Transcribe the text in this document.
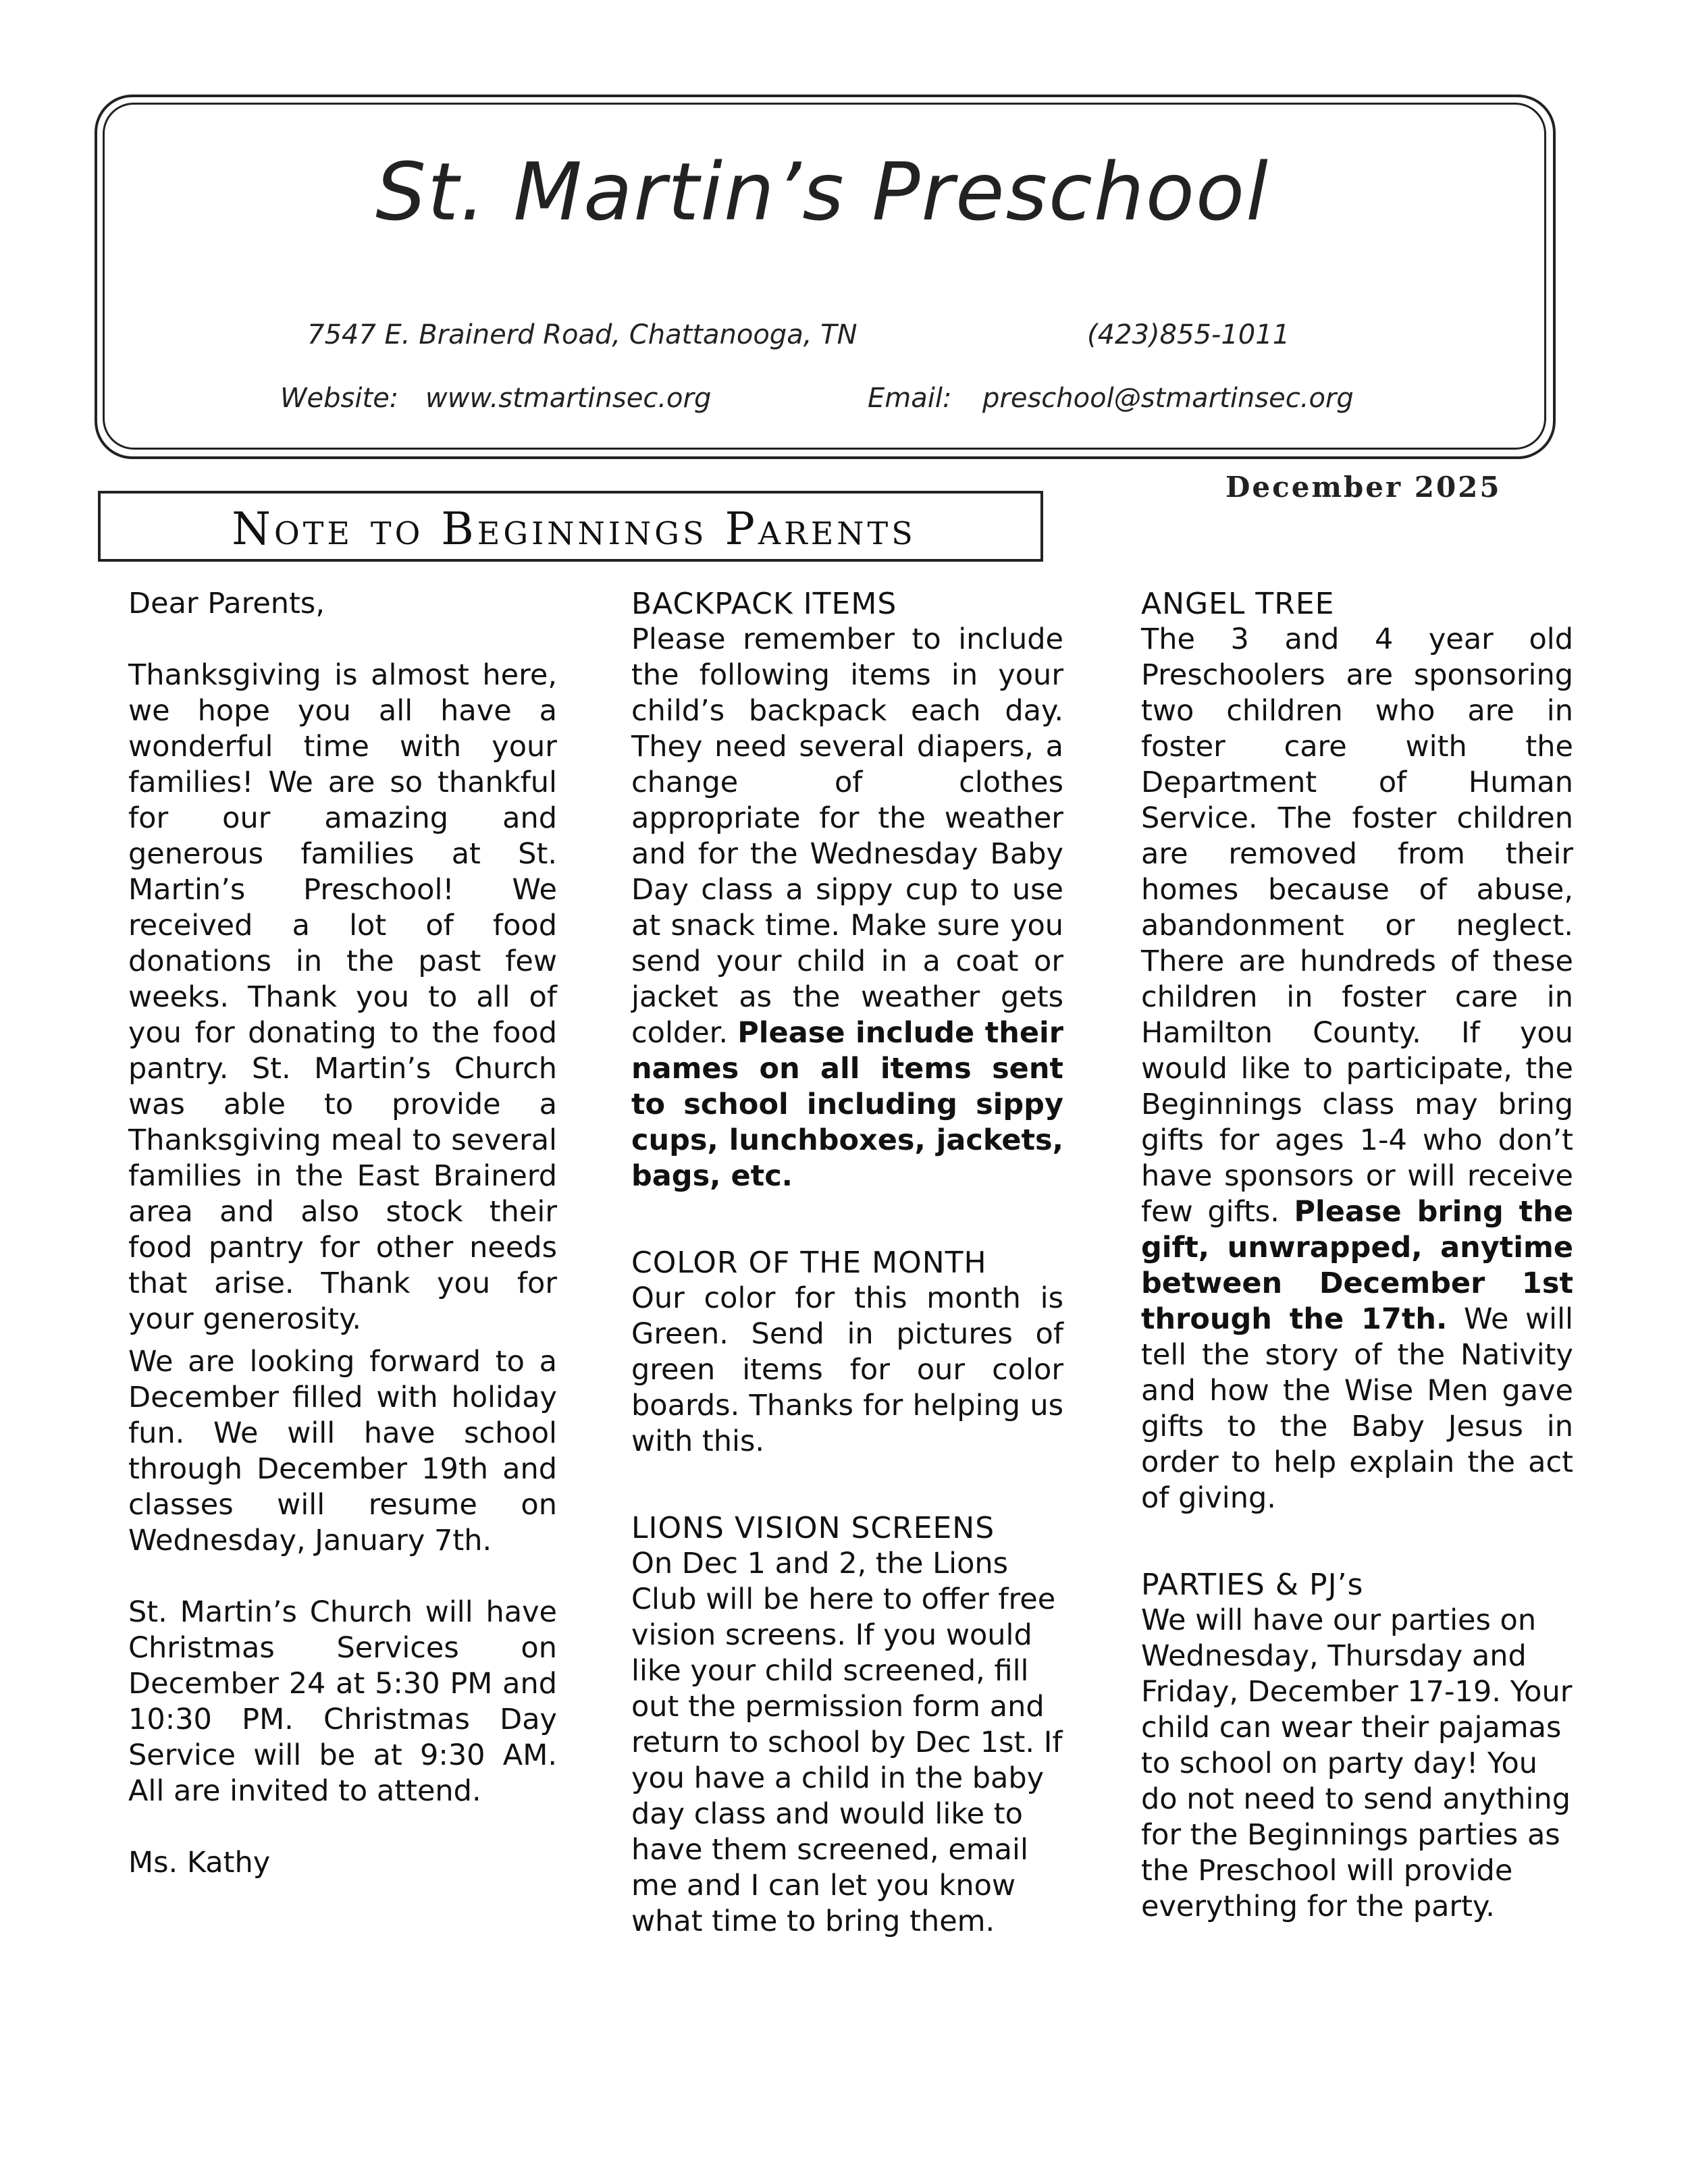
St. Martin’s Preschool
7547 E. Brainerd Road, Chattanooga, TN	(423)855-1011
Website: www.stmartinsec.org	Email: preschool@stmartinsec.org
December 2025
Note to Beginnings Parents

Dear Parents,

Thanksgiving is almost here, we hope you all have a wonderful time with your families! We are so thankful for our amazing and generous families at St. Martin’s Preschool! We received a lot of food donations in the past few weeks. Thank you to all of you for donating to the food pantry. St. Martin’s Church was able to provide a Thanksgiving meal to several families in the East Brainerd area and also stock their food pantry for other needs that arise. Thank you for your generosity.

We are looking forward to a December filled with holiday fun. We will have school through December 19th and classes will resume on Wednesday, January 7th.

St. Martin’s Church will have Christmas Services on December 24 at 5:30 PM and 10:30 PM. Christmas Day Service will be at 9:30 AM. All are invited to attend.

Ms. Kathy

BACKPACK ITEMS

Please remember to include the following items in your child’s backpack each day. They need several diapers, a change of clothes appropriate for the weather and for the Wednesday Baby Day class a sippy cup to use at snack time. Make sure you send your child in a coat or jacket as the weather gets colder. Please include their names on all items sent to school including sippy cups, lunchboxes, jackets, bags, etc.

COLOR OF THE MONTH

Our color for this month is Green. Send in pictures of green items for our color boards. Thanks for helping us with this.

LIONS VISION SCREENS

On Dec 1 and 2, the Lions Club will be here to offer free vision screens. If you would like your child screened, fill out the permission form and return to school by Dec 1st. If you have a child in the baby day class and would like to have them screened, email me and I can let you know what time to bring them.

ANGEL TREE

The 3 and 4 year old Preschoolers are sponsoring two children who are in foster care with the Department of Human Service. The foster children are removed from their homes because of abuse, abandonment or neglect. There are hundreds of these children in foster care in Hamilton County. If you would like to participate, the Beginnings class may bring gifts for ages 1-4 who don’t have sponsors or will receive few gifts. Please bring the gift, unwrapped, anytime between December 1st through the 17th. We will tell the story of the Nativity and how the Wise Men gave gifts to the Baby Jesus in order to help explain the act of giving.

PARTIES & PJ’s

We will have our parties on Wednesday, Thursday and Friday, December 17-19. Your child can wear their pajamas to school on party day! You do not need to send anything for the Beginnings parties as the Preschool will provide everything for the party.
